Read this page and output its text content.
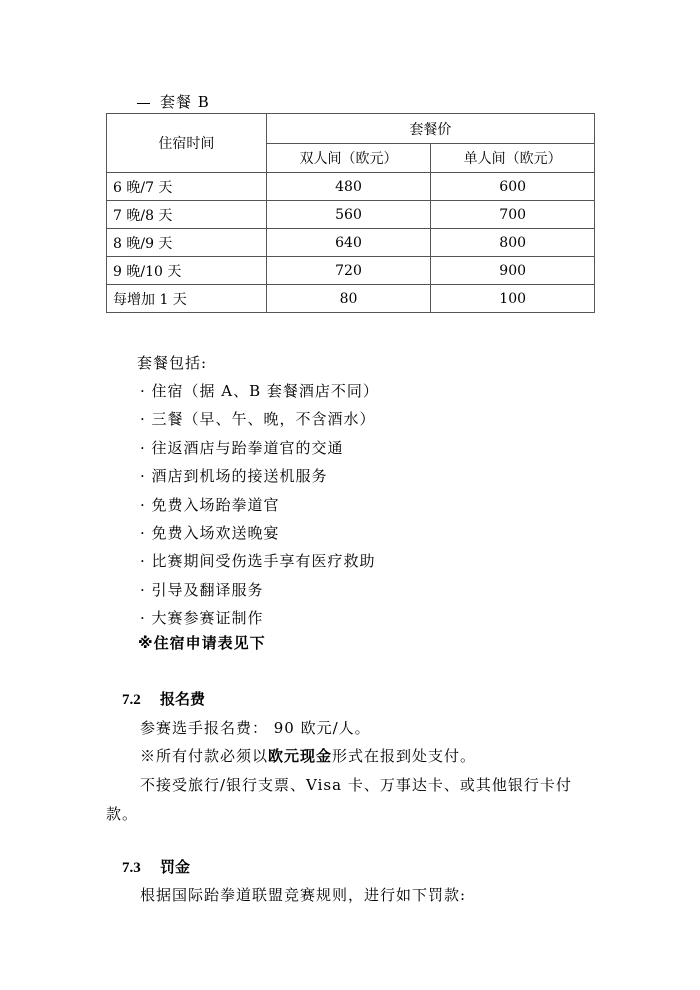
套餐 B
住宿时间	套餐价	
	双人间（欧元）	单人间（欧元）
6 晚/7 天	480	600
7 晚/8 天	560	700
8 晚/9 天	640	800
9 晚/10 天	720	900
每增加 1 天	80	100
套餐包括:
· 住宿（据 A、B 套餐酒店不同）
· 三餐（早、午、晚，不含酒水）
· 往返酒店与跆拳道官的交通
· 酒店到机场的接送机服务
· 免费入场跆拳道官
· 免费入场欢送晚宴
· 比赛期间受伤选手享有医疗救助
· 引导及翻译服务
· 大赛参赛证制作
※住宿申请表见下
7.2 报名费
参赛选手报名费： 90 欧元/人。
※所有付款必须以欧元现金形式在报到处支付。
不接受旅行/银行支票、Visa 卡、万事达卡、或其他银行卡付
款。
7.3 罚金
根据国际跆拳道联盟竞赛规则，进行如下罚款:
